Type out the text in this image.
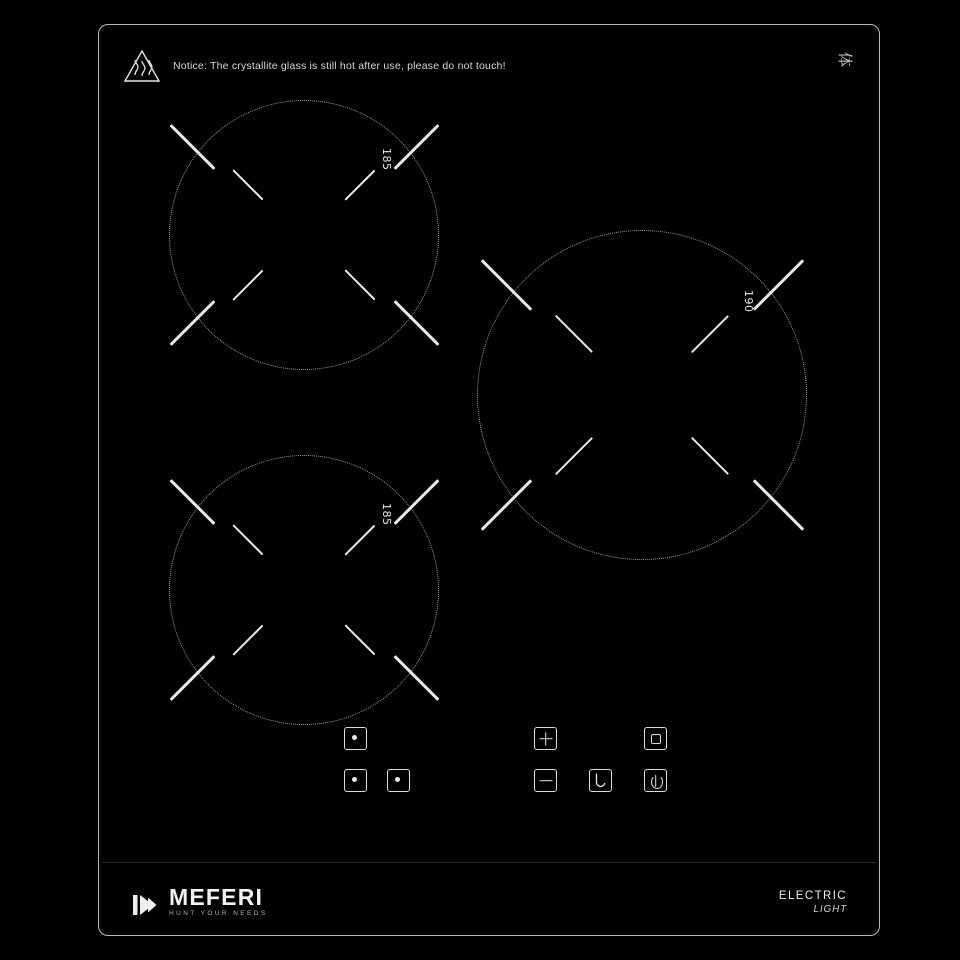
Notice: The crystallite glass is still hot after use, please do not touch!	体
185
190
185
MEFERI
HUNT YOUR NEEDS
ELECTRIC
LIGHT
